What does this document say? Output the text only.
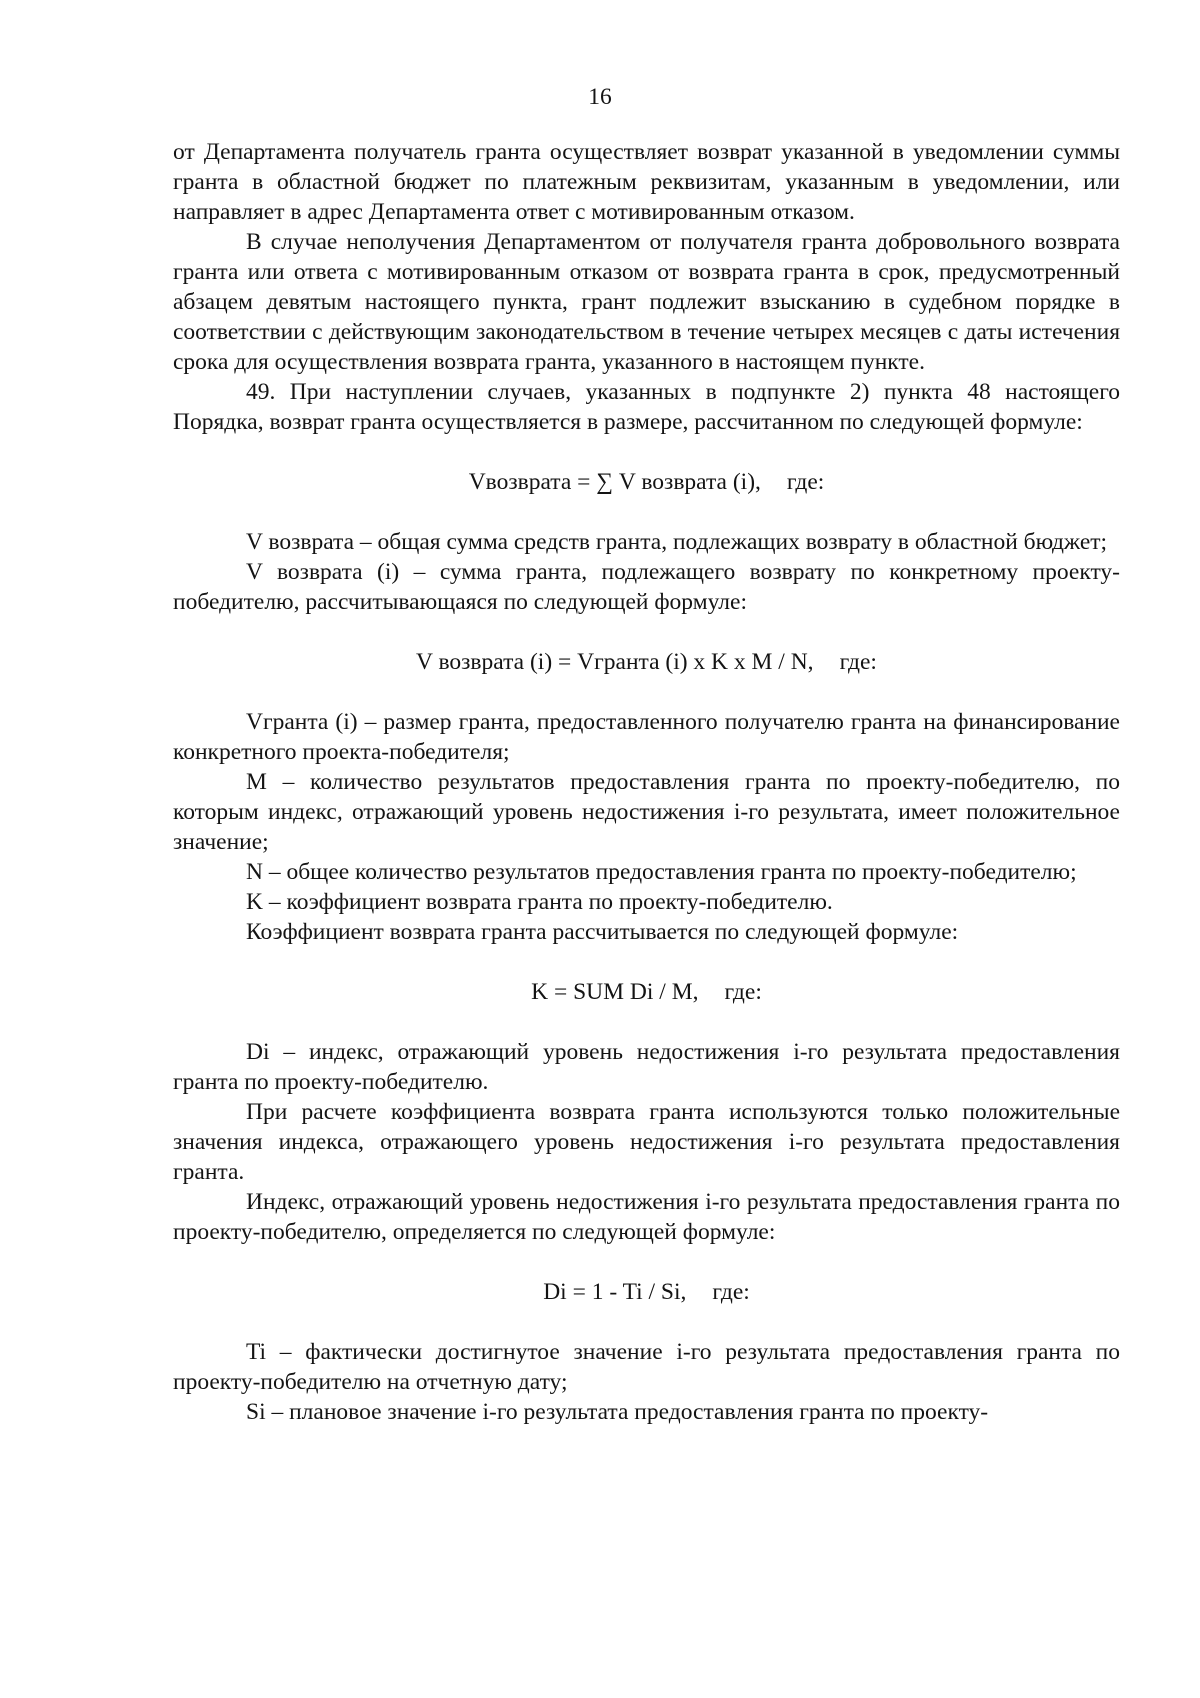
16

от Департамента получатель гранта осуществляет возврат указанной в уведомлении суммы гранта в областной бюджет по платежным реквизитам, указанным в уведомлении, или направляет в адрес Департамента ответ с мотивированным отказом.

В случае неполучения Департаментом от получателя гранта добровольного возврата гранта или ответа с мотивированным отказом от возврата гранта в срок, предусмотренный абзацем девятым настоящего пункта, грант подлежит взысканию в судебном порядке в соответствии с действующим законодательством в течение четырех месяцев с даты истечения срока для осуществления возврата гранта, указанного в настоящем пункте.

49. При наступлении случаев, указанных в подпункте 2) пункта 48 настоящего Порядка, возврат гранта осуществляется в размере, рассчитанном по следующей формуле:

Vвозврата = ∑ V возврата (i), где:

V возврата – общая сумма средств гранта, подлежащих возврату в областной бюджет;

V возврата (i) – сумма гранта, подлежащего возврату по конкретному проекту-победителю, рассчитывающаяся по следующей формуле:

V возврата (i) = Vгранта (i) x K x M / N, где:

Vгранта (i) – размер гранта, предоставленного получателю гранта на финансирование конкретного проекта-победителя;

M – количество результатов предоставления гранта по проекту-победителю, по которым индекс, отражающий уровень недостижения i-го результата, имеет положительное значение;

N – общее количество результатов предоставления гранта по проекту-победителю;

K – коэффициент возврата гранта по проекту-победителю.

Коэффициент возврата гранта рассчитывается по следующей формуле:

K = SUM Di / M, где:

Di – индекс, отражающий уровень недостижения i-го результата предоставления гранта по проекту-победителю.

При расчете коэффициента возврата гранта используются только положительные значения индекса, отражающего уровень недостижения i-го результата предоставления гранта.

Индекс, отражающий уровень недостижения i-го результата предоставления гранта по проекту-победителю, определяется по следующей формуле:

Di = 1 - Ti / Si, где:

Ti – фактически достигнутое значение i-го результата предоставления гранта по проекту-победителю на отчетную дату;

Si – плановое значение i-го результата предоставления гранта по проекту-
